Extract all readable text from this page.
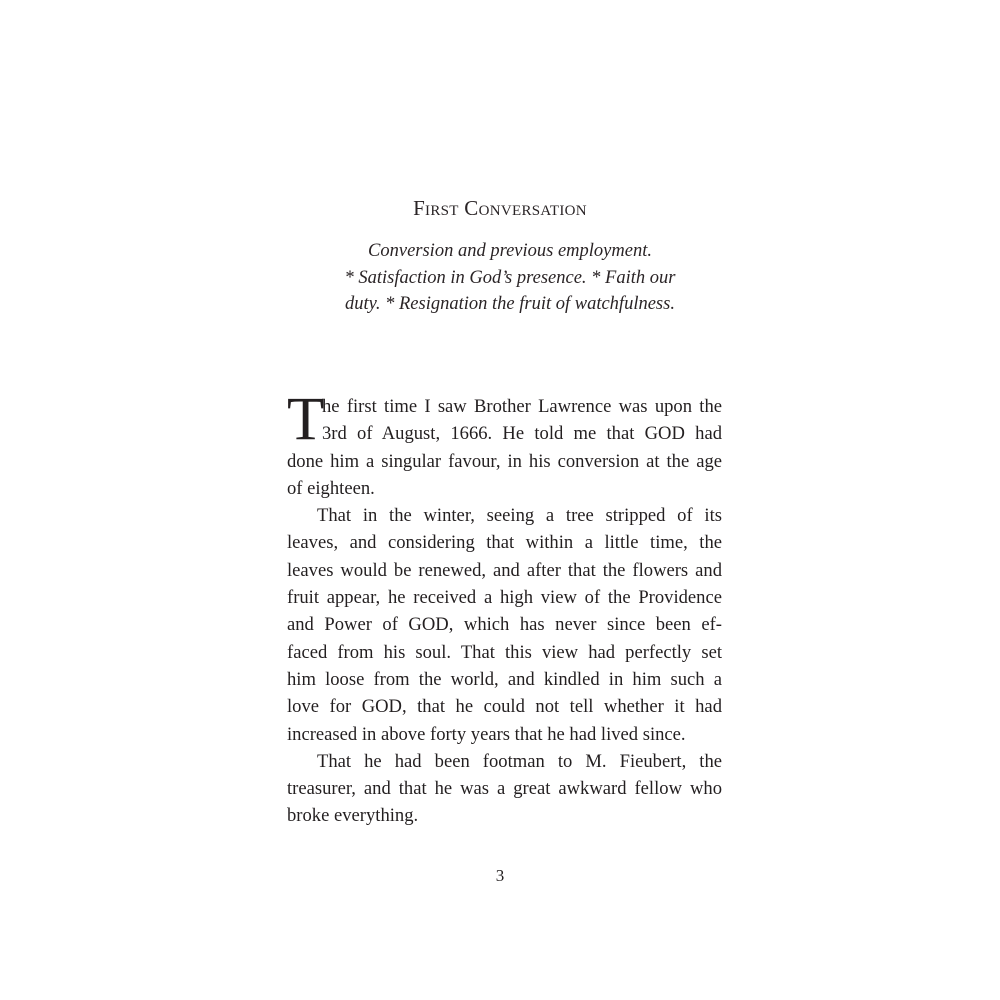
First Conversation
Conversion and previous employment.
* Satisfaction in God’s presence. * Faith our
duty. * Resignation the fruit of watchfulness.
T
he first time I saw Brother Lawrence was upon the
3rd of August, 1666. He told me that GOD had
done him a singular favour, in his conversion at the age
of eighteen.
That in the winter, seeing a tree stripped of its
leaves, and considering that within a little time, the
leaves would be renewed, and after that the flowers and
fruit appear, he received a high view of the Providence
and Power of GOD, which has never since been ef-
faced from his soul. That this view had perfectly set
him loose from the world, and kindled in him such a
love for GOD, that he could not tell whether it had
increased in above forty years that he had lived since.
That he had been footman to M. Fieubert, the
treasurer, and that he was a great awkward fellow who
broke everything.
3
